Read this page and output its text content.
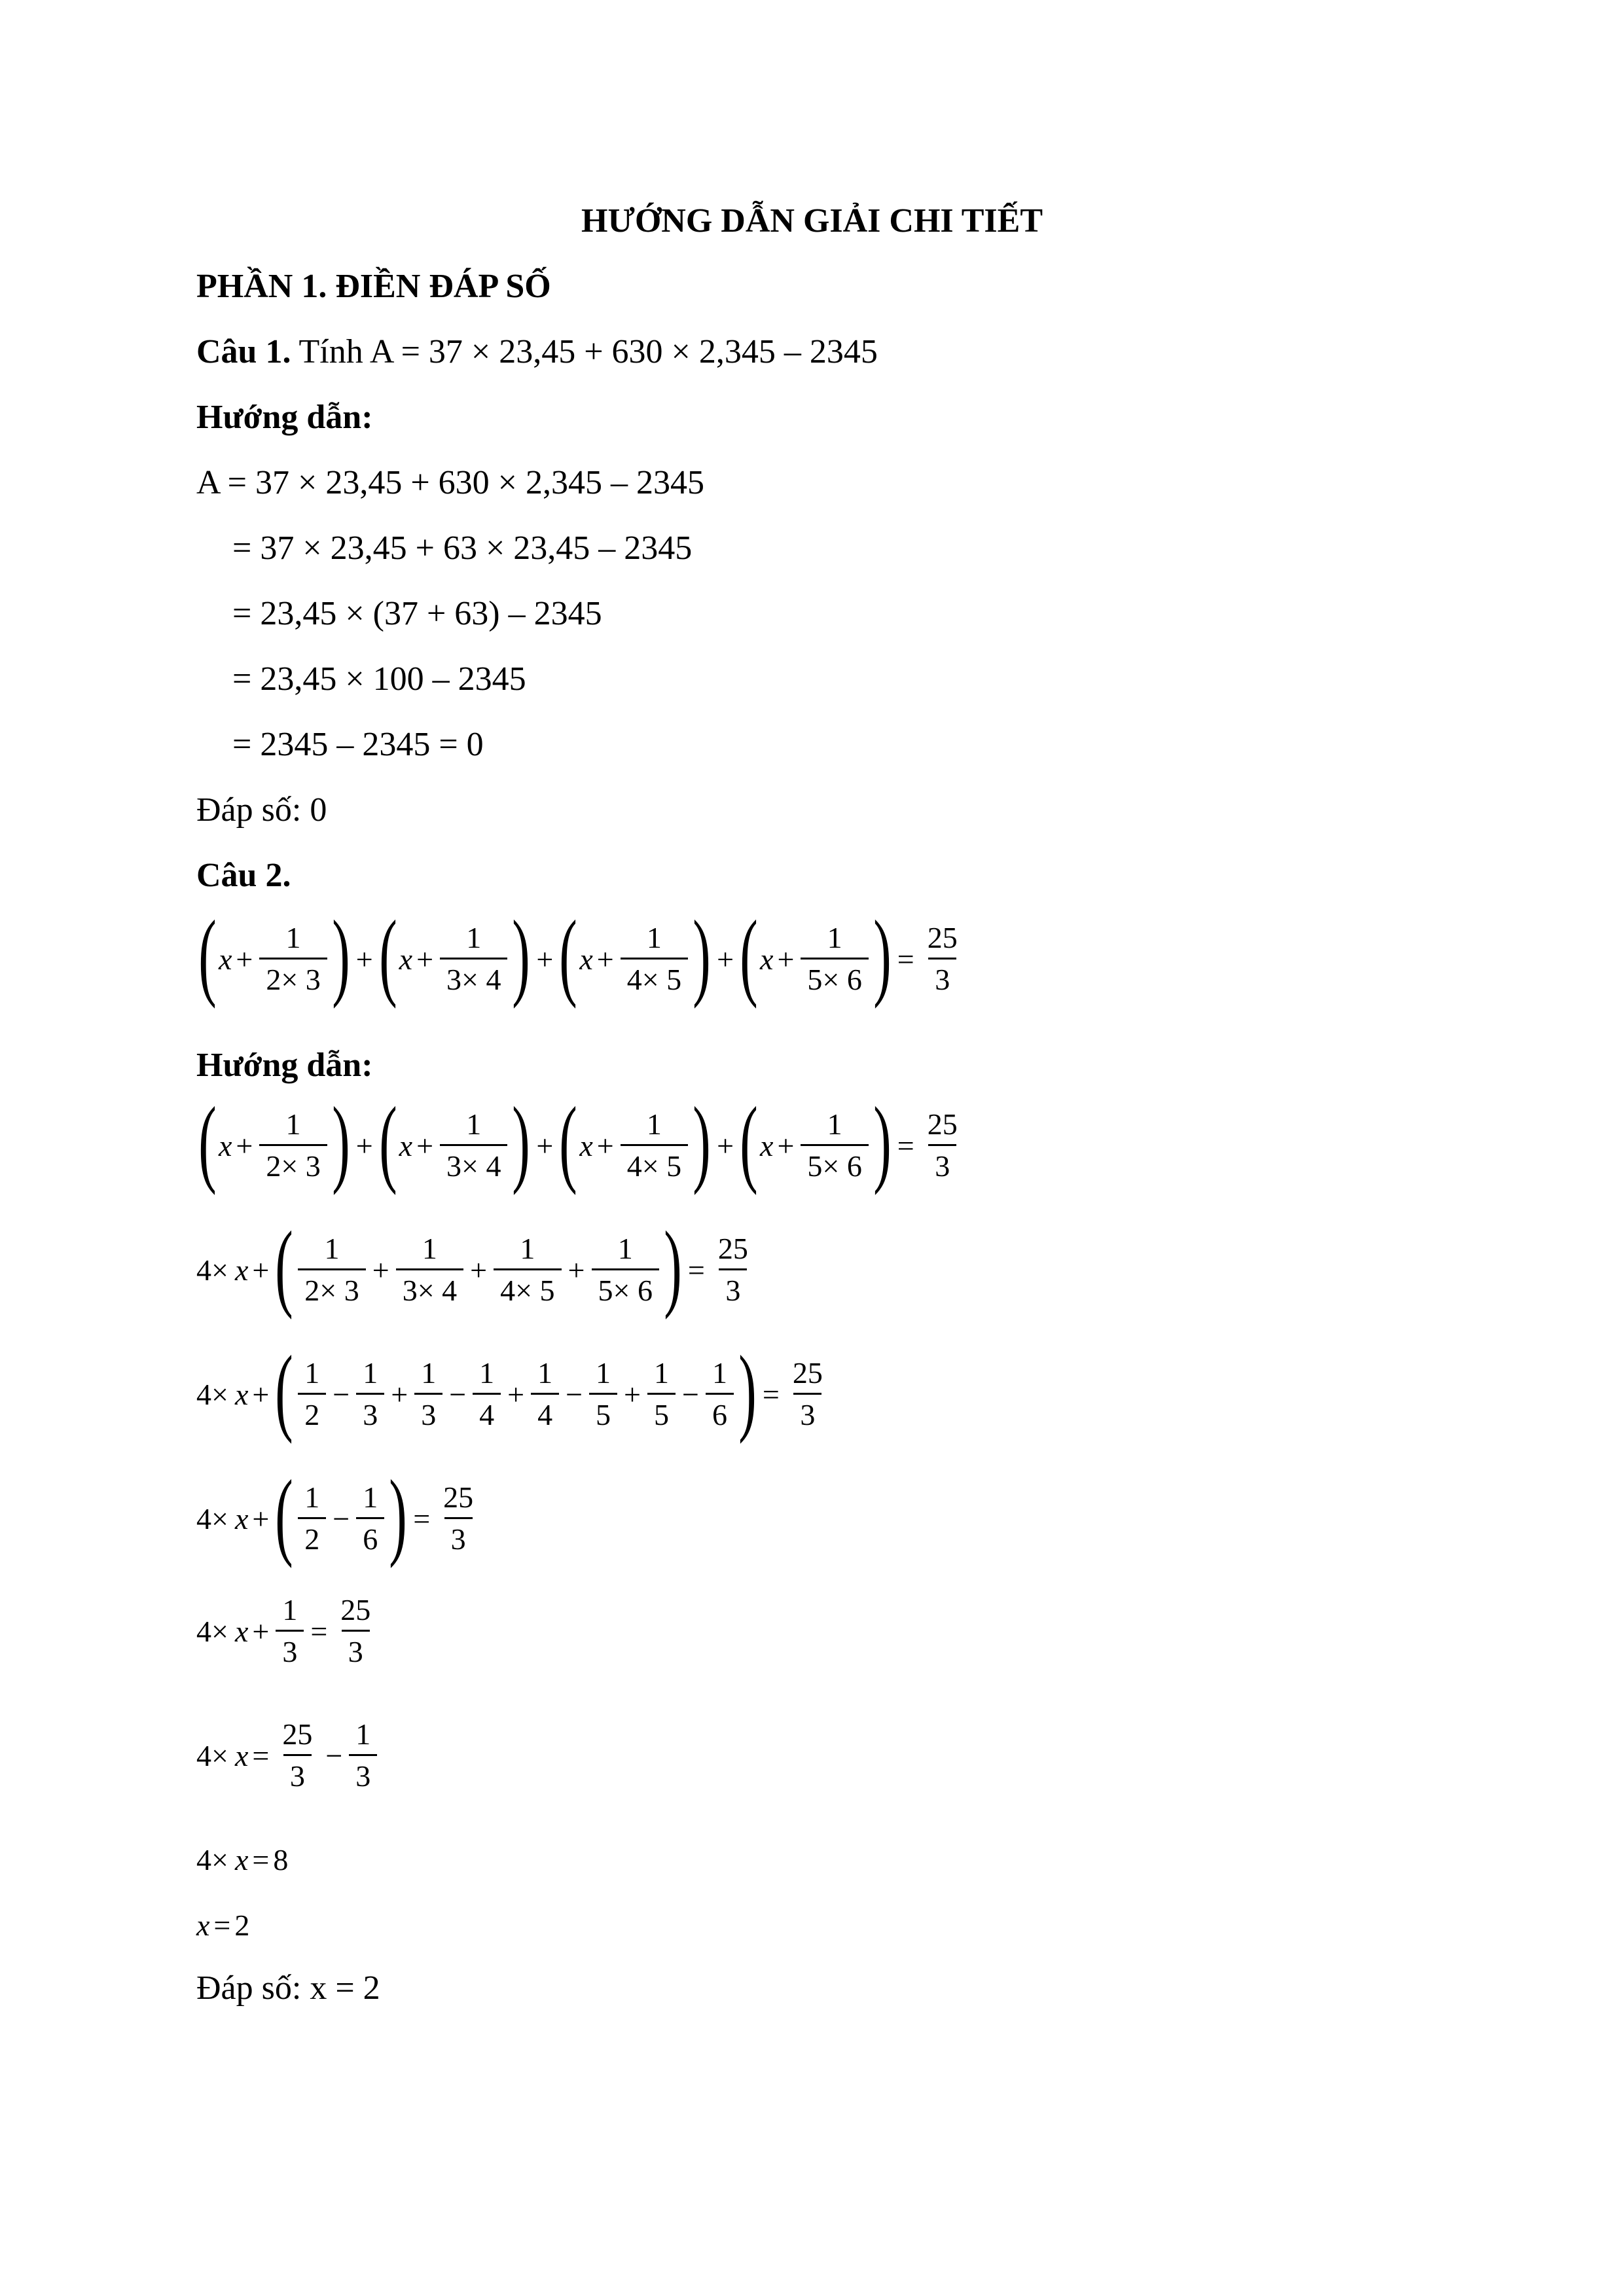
HƯỚNG DẪN GIẢI CHI TIẾT
PHẦN 1. ĐIỀN ĐÁP SỐ
Câu 1. Tính A = 37 × 23,45 + 630 × 2,345 – 2345
Hướng dẫn:
A = 37 × 23,45 + 630 × 2,345 – 2345
= 37 × 23,45 + 63 × 23,45 – 2345
= 23,45 × (37 + 63) – 2345
= 23,45 × 100 – 2345
= 2345 – 2345 = 0
Đáp số: 0
Câu 2.
( $x + \frac{1}{2\times 3}$ ) + ( $x + \frac{1}{3\times 4}$ ) + ( $x + \frac{1}{4\times 5}$ ) + ( $x + \frac{1}{5\times 6}$ ) = $\frac{25}{3}$
Hướng dẫn:
( $x + \frac{1}{2\times 3}$ ) + ( $x + \frac{1}{3\times 4}$ ) + ( $x + \frac{1}{4\times 5}$ ) + ( $x + \frac{1}{5\times 6}$ ) = $\frac{25}{3}$
4× x + ( $\frac{1}{2\times 3} + \frac{1}{3\times 4} + \frac{1}{4\times 5} + \frac{1}{5\times 6}$ ) = $\frac{25}{3}$
4× x + ( $\frac{1}{2} - \frac{1}{3} + \frac{1}{3} - \frac{1}{4} + \frac{1}{4} - \frac{1}{5} + \frac{1}{5} - \frac{1}{6}$ ) = $\frac{25}{3}$
4× x + ( $\frac{1}{2} - \frac{1}{6}$ ) = $\frac{25}{3}$
$4\times x + \frac{1}{3} = \frac{25}{3}$
$4\times x = \frac{25}{3} - \frac{1}{3}$
4× x = 8
x = 2
Đáp số: x = 2
